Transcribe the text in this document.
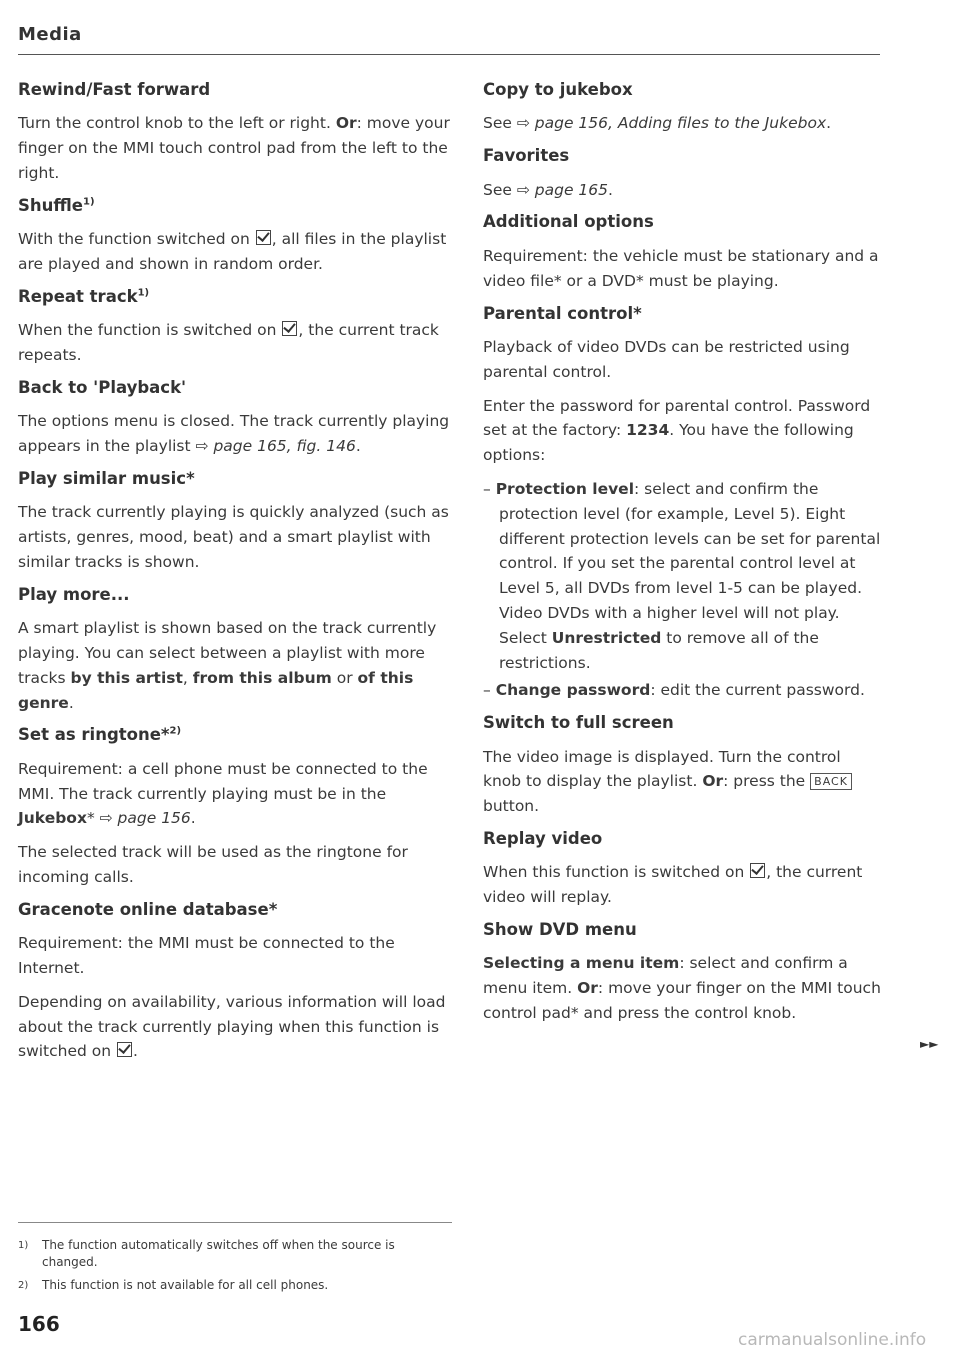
Media
Rewind/Fast forward

Turn the control knob to the left or right. Or: move your finger on the MMI touch control pad from the left to the right.

Shuffle$^{1)}$

With the function switched on , all files in the playlist are played and shown in random order.

Repeat track$^{1)}$

When the function is switched on , the current track repeats.

Back to 'Playback'

The options menu is closed. The track currently playing appears in the playlist ⇨ page 165, fig. 146.

Play similar music*

The track currently playing is quickly analyzed (such as artists, genres, mood, beat) and a smart playlist with similar tracks is shown.

Play more...

A smart playlist is shown based on the track currently playing. You can select between a playlist with more tracks by this artist, from this album or of this genre.

Set as ringtone*$^{2)}$

Requirement: a cell phone must be connected to the MMI. The track currently playing must be in the Jukebox* ⇨ page 156.

The selected track will be used as the ringtone for incoming calls.

Gracenote online database*

Requirement: the MMI must be connected to the Internet.

Depending on availability, various information will load about the track currently playing when this function is switched on .

Copy to jukebox

See ⇨ page 156, Adding files to the Jukebox.

Favorites

See ⇨ page 165.

Additional options

Requirement: the vehicle must be stationary and a video file* or a DVD* must be playing.

Parental control*

Playback of video DVDs can be restricted using parental control.

Enter the password for parental control. Password set at the factory: 1234. You have the following options:

– Protection level: select and confirm the protection level (for example, Level 5). Eight different protection levels can be set for parental control. If you set the parental control level at Level 5, all DVDs from level 1-5 can be played. Video DVDs with a higher level will not play. Select Unrestricted to remove all of the restrictions.
– Change password: edit the current password.
Switch to full screen

The video image is displayed. Turn the control knob to display the playlist. Or: press the BACK button.

Replay video

When this function is switched on , the current video will replay.

Show DVD menu

Selecting a menu item: select and confirm a menu item. Or: move your finger on the MMI touch control pad* and press the control knob.

►►
1)	The function automatically switches off when the source is changed.
2)	This function is not available for all cell phones.
166
carmanualsonline.info
